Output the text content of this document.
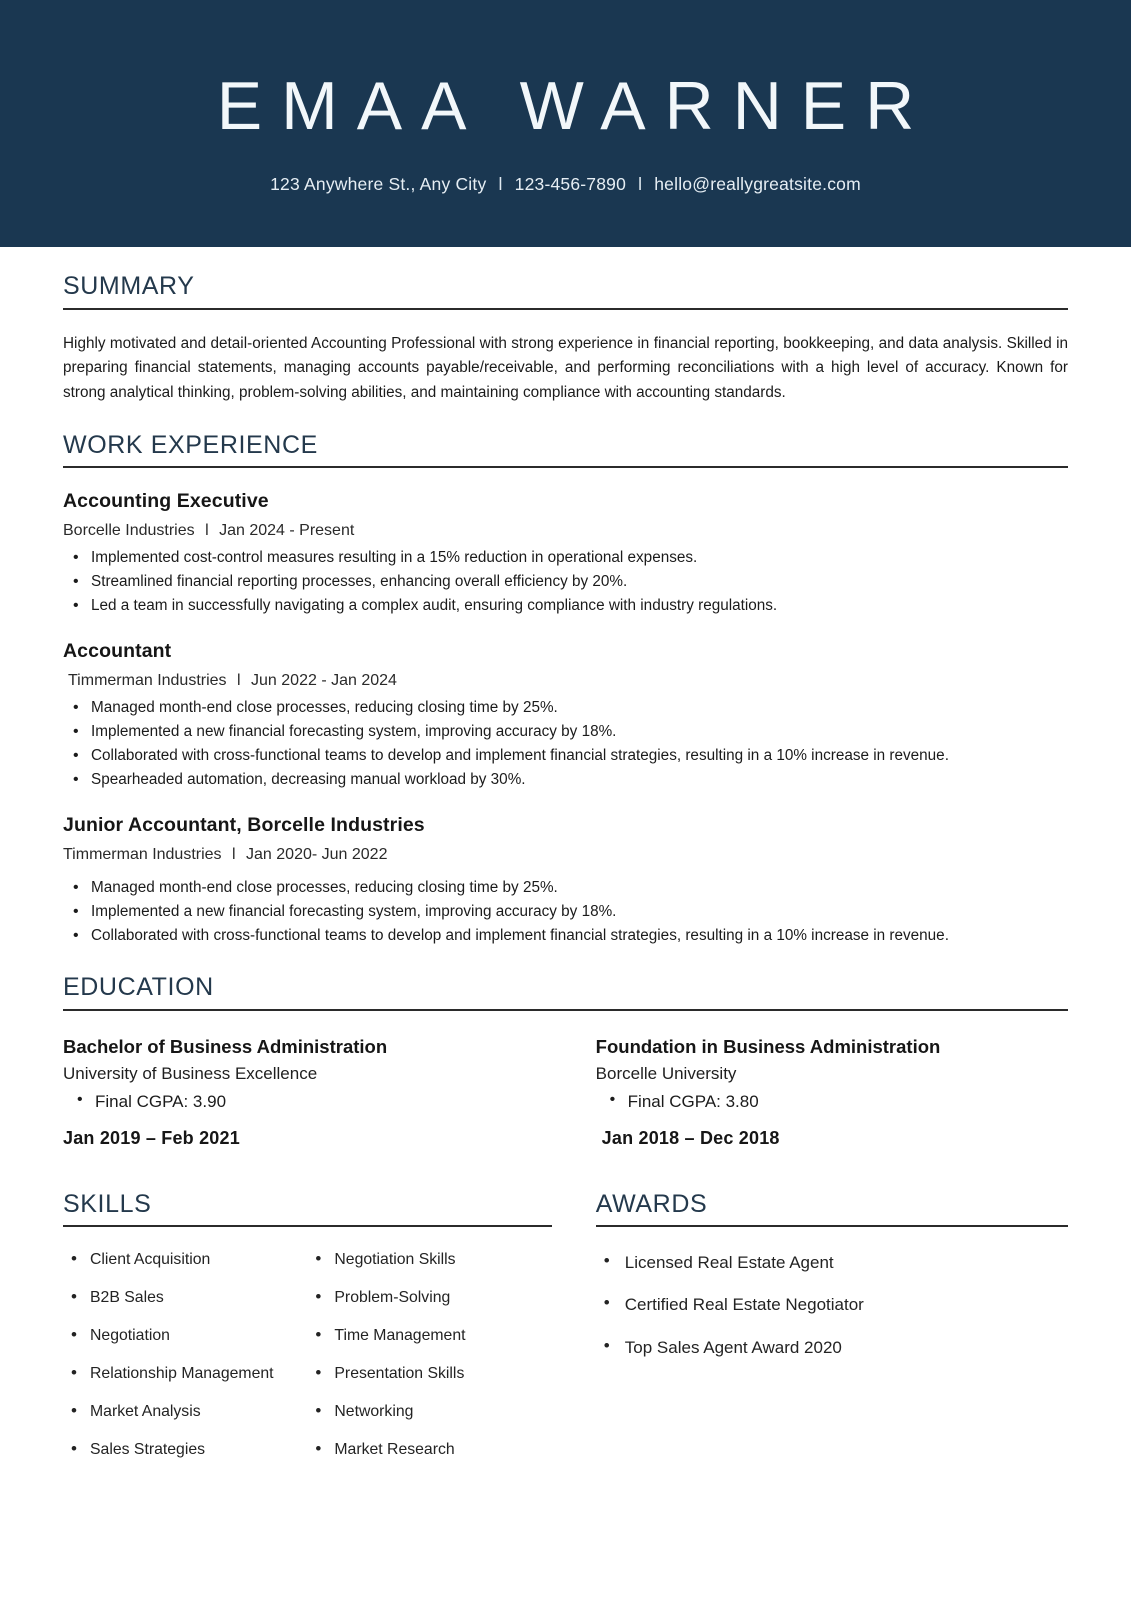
EMAA WARNER
123 Anywhere St., Any City l 123-456-7890 l hello@reallygreatsite.com
SUMMARY

Highly motivated and detail-oriented Accounting Professional with strong experience in financial reporting, bookkeeping, and data analysis. Skilled in preparing financial statements, managing accounts payable/receivable, and performing reconciliations with a high level of accuracy. Known for strong analytical thinking, problem-solving abilities, and maintaining compliance with accounting standards.

WORK EXPERIENCE
Accounting Executive
Borcelle Industries l Jan 2024 - Present
• Implemented cost-control measures resulting in a 15% reduction in operational expenses.
• Streamlined financial reporting processes, enhancing overall efficiency by 20%.
• Led a team in successfully navigating a complex audit, ensuring compliance with industry regulations.
Accountant
Timmerman Industries l Jun 2022 - Jan 2024
• Managed month-end close processes, reducing closing time by 25%.
• Implemented a new financial forecasting system, improving accuracy by 18%.
• Collaborated with cross-functional teams to develop and implement financial strategies, resulting in a 10% increase in revenue.
• Spearheaded automation, decreasing manual workload by 30%.
Junior Accountant, Borcelle Industries
Timmerman Industries l Jan 2020- Jun 2022
• Managed month-end close processes, reducing closing time by 25%.
• Implemented a new financial forecasting system, improving accuracy by 18%.
• Collaborated with cross-functional teams to develop and implement financial strategies, resulting in a 10% increase in revenue.
EDUCATION
Bachelor of Business Administration
University of Business Excellence
• Final CGPA: 3.90
Jan 2019 – Feb 2021
Foundation in Business Administration
Borcelle University
• Final CGPA: 3.80
Jan 2018 – Dec 2018
SKILLS
• Client Acquisition
• B2B Sales
• Negotiation
• Relationship Management
• Market Analysis
• Sales Strategies
• Negotiation Skills
• Problem-Solving
• Time Management
• Presentation Skills
• Networking
• Market Research
AWARDS
• Licensed Real Estate Agent
• Certified Real Estate Negotiator
• Top Sales Agent Award 2020
